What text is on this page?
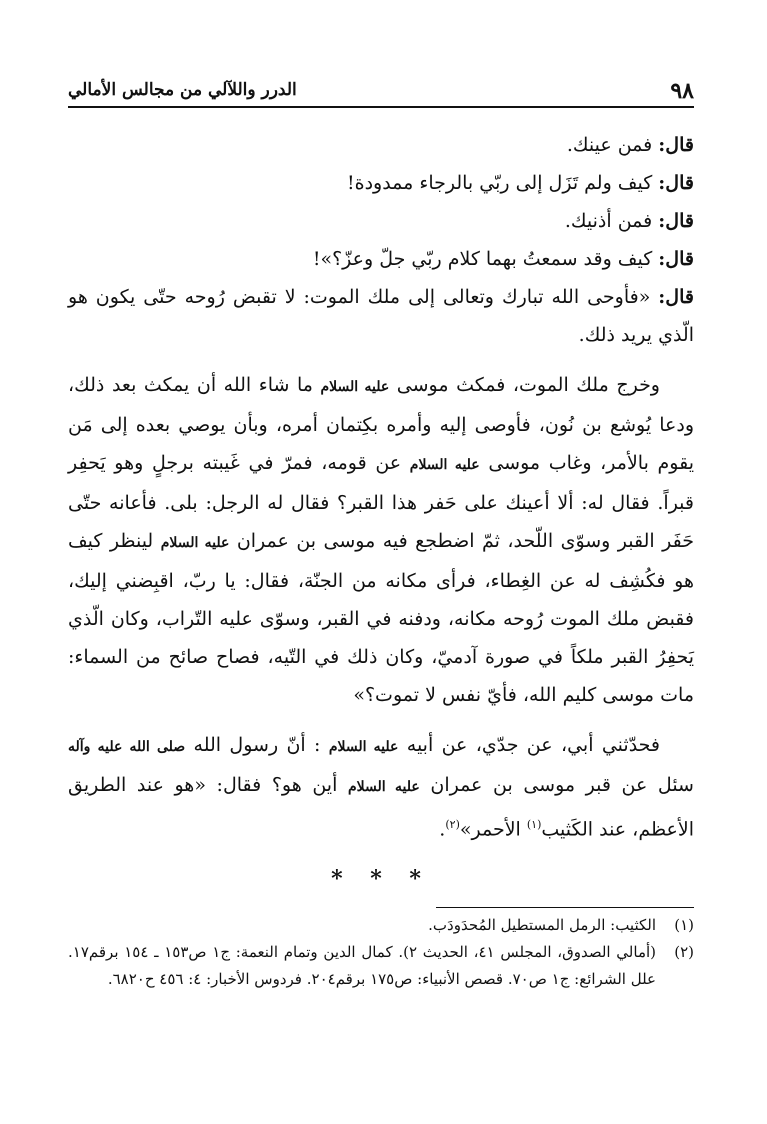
٩٨
الدرر واللآلي من مجالس الأمالي

قال: فمن عينك.

قال: كيف ولم تَزَل إلى ربّي بالرجاء ممدودة!

قال: فمن أذنيك.

قال: كيف وقد سمعتُ بهما كلام ربّي جلّ وعزّ؟»!

قال: «فأوحى الله تبارك وتعالى إلى ملك الموت: لا تقبض رُوحه حتّى يكون هو الّذي يريد ذلك.

وخرج ملك الموت، فمكث موسى عليه السلام ما شاء الله أن يمكث بعد ذلك، ودعا يُوشع بن نُون، فأوصى إليه وأمره بكِتمان أمره، وبأن يوصي بعده إلى مَن يقوم بالأمر، وغاب موسى عليه السلام عن قومه، فمرّ في غَيبته برجلٍ وهو يَحفِر قبراً. فقال له: ألا أعينك على حَفر هذا القبر؟ فقال له الرجل: بلى. فأعانه حتّى حَفَر القبر وسوّى اللّحد، ثمّ اضطجع فيه موسى بن عمران عليه السلام لينظر كيف هو فكُشِف له عن الغِطاء، فرأى مكانه من الجنّة، فقال: يا ربّ، اقبِضني إليك، فقبض ملك الموت رُوحه مكانه، ودفنه في القبر، وسوّى عليه التّراب، وكان الّذي يَحفِرُ القبر ملكاً في صورة آدميّ، وكان ذلك في التّيه، فصاح صائح من السماء: مات موسى كليم الله، فأيّ نفس لا تموت؟»

فحدّثني أبي، عن جدّي، عن أبيه عليه السلام : أنّ رسول الله صلى الله عليه وآله سئل عن قبر موسى بن عمران عليه السلام أين هو؟ فقال: «هو عند الطريق الأعظم، عند الكَثيب$^{(١)}$ الأحمر»$^{(٢)}$.

* * *

(١)
الكثيب: الرمل المستطيل المُحدَودَب.

(٢)
(أمالي الصدوق، المجلس ٤١، الحديث ٢). كمال الدين وتمام النعمة: ج١ ص١٥٣ ـ ١٥٤ برقم١٧. علل الشرائع: ج١ ص٧٠. قصص الأنبياء: ص١٧٥ برقم٢٠٤. فردوس الأخبار: ٤: ٤٥٦ ح٦٨٢٠.
